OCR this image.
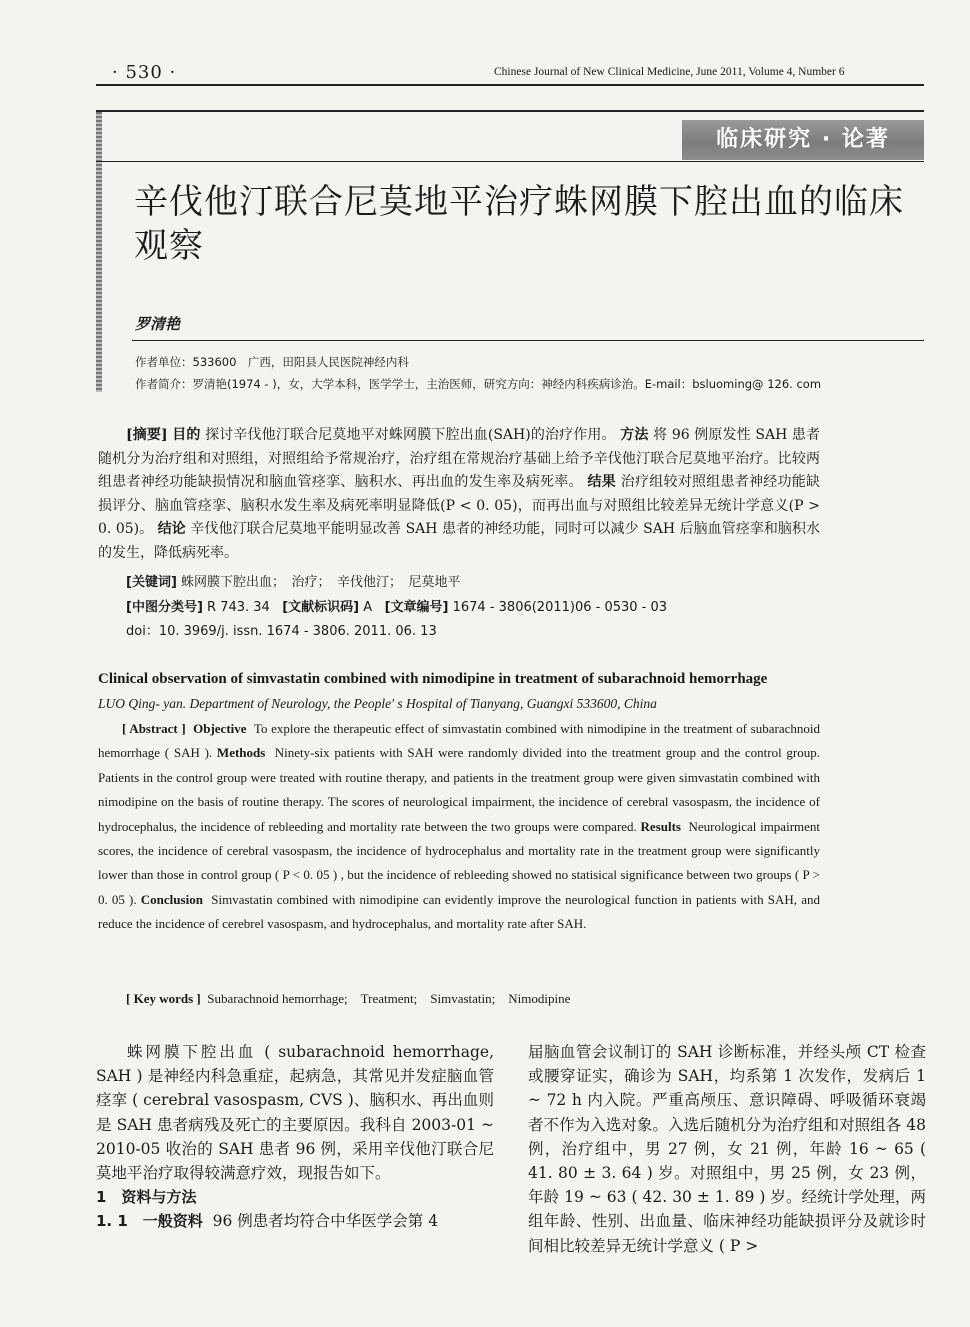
· 530 ·	Chinese Journal of New Clinical Medicine, June 2011, Volume 4, Number 6
临床研究 · 论著
辛伐他汀联合尼莫地平治疗蛛网膜下腔出血的临床观察
罗清艳
作者单位：533600　广西，田阳县人民医院神经内科
作者简介：罗清艳(1974 - )，女，大学本科，医学学士，主治医师，研究方向：神经内科疾病诊治。E-mail：bsluoming@ 126. com
[摘要] 目的 探讨辛伐他汀联合尼莫地平对蛛网膜下腔出血(SAH)的治疗作用。 方法 将 96 例原发性 SAH 患者随机分为治疗组和对照组，对照组给予常规治疗，治疗组在常规治疗基础上给予辛伐他汀联合尼莫地平治疗。比较两组患者神经功能缺损情况和脑血管痉挛、脑积水、再出血的发生率及病死率。 结果 治疗组较对照组患者神经功能缺损评分、脑血管痉挛、脑积水发生率及病死率明显降低(P < 0. 05)，而再出血与对照组比较差异无统计学意义(P > 0. 05)。 结论 辛伐他汀联合尼莫地平能明显改善 SAH 患者的神经功能，同时可以减少 SAH 后脑血管痉挛和脑积水的发生，降低病死率。
[关键词] 蛛网膜下腔出血；　治疗；　辛伐他汀；　尼莫地平
[中图分类号] R 743. 34 [文献标识码] A [文章编号] 1674 - 3806(2011)06 - 0530 - 03
doi：10. 3969/j. issn. 1674 - 3806. 2011. 06. 13
Clinical observation of simvastatin combined with nimodipine in treatment of subarachnoid hemorrhage
LUO Qing- yan. Department of Neurology, the People' s Hospital of Tianyang, Guangxi 533600, China
[ Abstract ] Objective To explore the therapeutic effect of simvastatin combined with nimodipine in the treatment of subarachnoid hemorrhage ( SAH ). Methods Ninety-six patients with SAH were randomly divided into the treatment group and the control group. Patients in the control group were treated with routine therapy, and patients in the treatment group were given simvastatin combined with nimodipine on the basis of routine therapy. The scores of neurological impairment, the incidence of cerebral vasospasm, the incidence of hydrocephalus, the incidence of rebleeding and mortality rate between the two groups were compared. Results Neurological impairment scores, the incidence of cerebral vasospasm, the incidence of hydrocephalus and mortality rate in the treatment group were significantly lower than those in control group ( P < 0. 05 ) , but the incidence of rebleeding showed no statisical significance between two groups ( P > 0. 05 ). Conclusion Simvastatin combined with nimodipine can evidently improve the neurological function in patients with SAH, and reduce the incidence of cerebrel vasospasm, and hydrocephalus, and mortality rate after SAH.
[ Key words ] Subarachnoid hemorrhage;　Treatment;　Simvastatin;　Nimodipine
蛛网膜下腔出血 ( subarachnoid hemorrhage, SAH ) 是神经内科急重症，起病急，其常见并发症脑血管痉挛 ( cerebral vasospasm, CVS )、脑积水、再出血则是 SAH 患者病残及死亡的主要原因。我科自 2003-01 ~ 2010-05 收治的 SAH 患者 96 例，采用辛伐他汀联合尼莫地平治疗取得较满意疗效，现报告如下。
1　资料与方法
1. 1　一般资料 96 例患者均符合中华医学会第 4
届脑血管会议制订的 SAH 诊断标准，并经头颅 CT 检查或腰穿证实，确诊为 SAH，均系第 1 次发作，发病后 1 ~ 72 h 内入院。严重高颅压、意识障碍、呼吸循环衰竭者不作为入选对象。入选后随机分为治疗组和对照组各 48 例，治疗组中，男 27 例，女 21 例，年龄 16 ~ 65 ( 41. 80 ± 3. 64 ) 岁。对照组中，男 25 例，女 23 例，年龄 19 ~ 63 ( 42. 30 ± 1. 89 ) 岁。经统计学处理，两组年龄、性别、出血量、临床神经功能缺损评分及就诊时间相比较差异无统计学意义 ( P >
